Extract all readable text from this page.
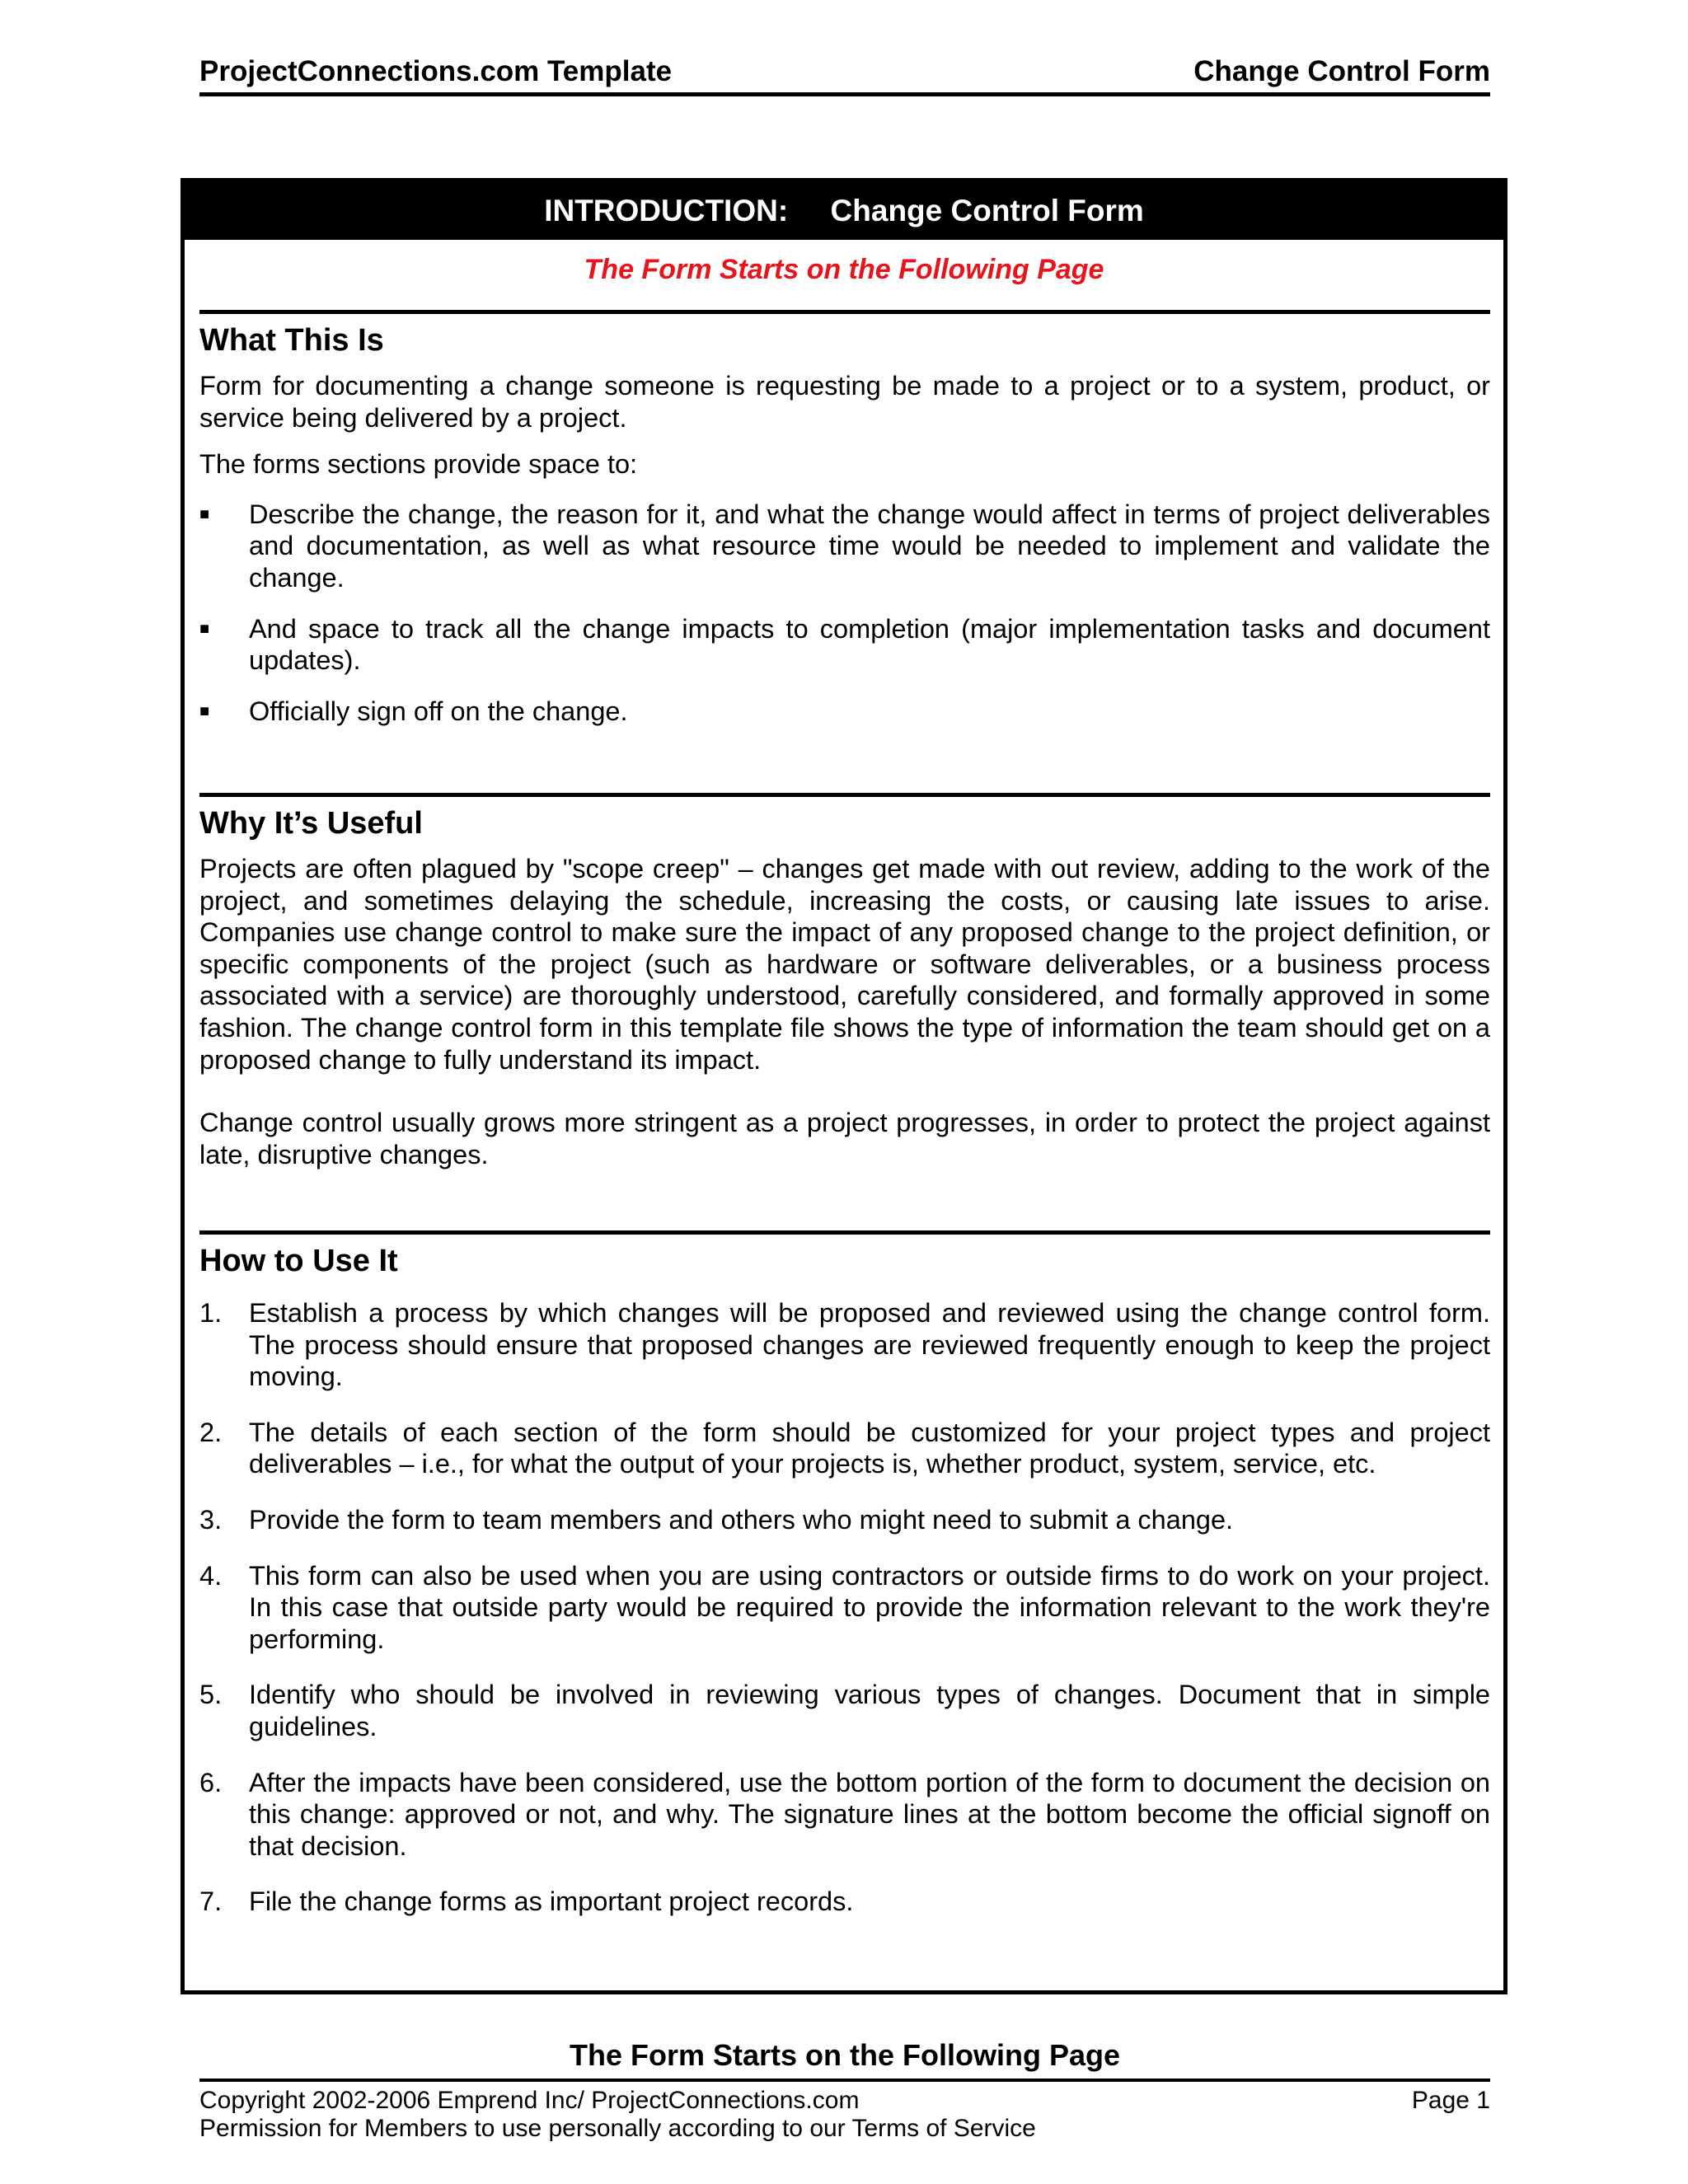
ProjectConnections.com Template	Change Control Form
INTRODUCTION:     Change Control Form
The Form Starts on the Following Page
What This Is

Form for documenting a change someone is requesting be made to a project or to a system, product, or service being delivered by a project.

The forms sections provide space to:

■	Describe the change, the reason for it, and what the change would affect in terms of project deliverables and documentation, as well as what resource time would be needed to implement and validate the change.
■	And space to track all the change impacts to completion (major implementation tasks and document updates).
■	Officially sign off on the change.
Why It’s Useful

Projects are often plagued by "scope creep" – changes get made with out review, adding to the work of the project, and sometimes delaying the schedule, increasing the costs, or causing late issues to arise. Companies use change control to make sure the impact of any proposed change to the project definition, or specific components of the project (such as hardware or software deliverables, or a business process associated with a service) are thoroughly understood, carefully considered, and formally approved in some fashion. The change control form in this template file shows the type of information the team should get on a proposed change to fully understand its impact.

Change control usually grows more stringent as a project progresses, in order to protect the project against late, disruptive changes.

How to Use It
1.	Establish a process by which changes will be proposed and reviewed using the change control form. The process should ensure that proposed changes are reviewed frequently enough to keep the project moving.
2.	The details of each section of the form should be customized for your project types and project deliverables – i.e., for what the output of your projects is, whether product, system, service, etc.
3.	Provide the form to team members and others who might need to submit a change.
4.	This form can also be used when you are using contractors or outside firms to do work on your project. In this case that outside party would be required to provide the information relevant to the work they're performing.
5.	Identify who should be involved in reviewing various types of changes. Document that in simple guidelines.
6.	After the impacts have been considered, use the bottom portion of the form to document the decision on this change: approved or not, and why. The signature lines at the bottom become the official signoff on that decision.
7.	File the change forms as important project records.
The Form Starts on the Following Page
Copyright 2002-2006 Emprend Inc/ ProjectConnections.com	Page 1
Permission for Members to use personally according to our Terms of Service
